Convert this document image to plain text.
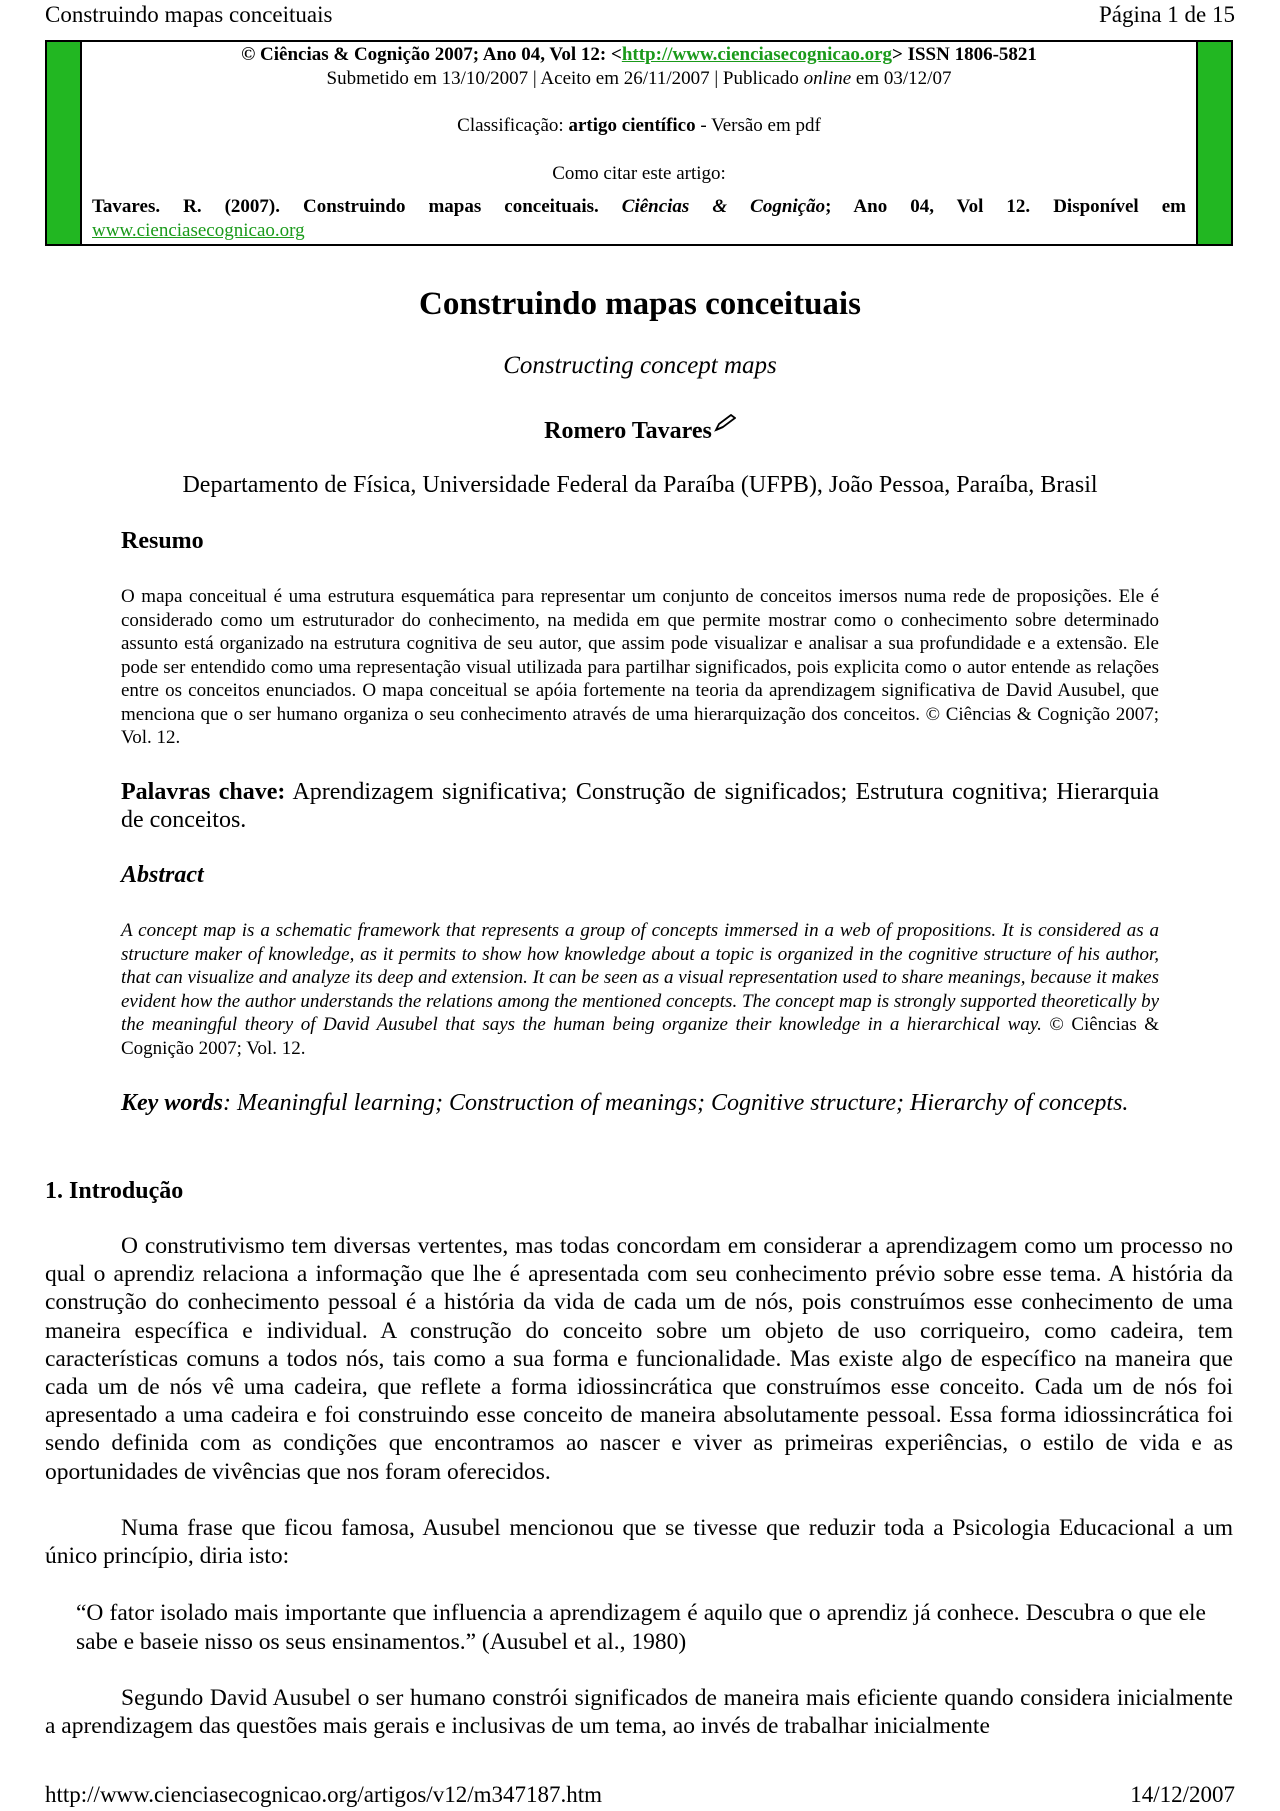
Construindo mapas conceituais	Página 1 de 15
© Ciências & Cognição 2007; Ano 04, Vol 12: <http://www.cienciasecognicao.org> ISSN 1806-5821
Submetido em 13/10/2007 | Aceito em 26/11/2007 | Publicado online em 03/12/07
Classificação: artigo científico - Versão em pdf
Como citar este artigo:
Tavares. R. (2007). Construindo mapas conceituais. Ciências & Cognição; Ano 04, Vol 12. Disponível em
www.cienciasecognicao.org
Construindo mapas conceituais
Constructing concept maps
Romero Tavares
Departamento de Física, Universidade Federal da Paraíba (UFPB), João Pessoa, Paraíba, Brasil
Resumo
O mapa conceitual é uma estrutura esquemática para representar um conjunto de conceitos imersos numa rede de proposições. Ele é considerado como um estruturador do conhecimento, na medida em que permite mostrar como o conhecimento sobre determinado assunto está organizado na estrutura cognitiva de seu autor, que assim pode visualizar e analisar a sua profundidade e a extensão. Ele pode ser entendido como uma representação visual utilizada para partilhar significados, pois explicita como o autor entende as relações entre os conceitos enunciados. O mapa conceitual se apóia fortemente na teoria da aprendizagem significativa de David Ausubel, que menciona que o ser humano organiza o seu conhecimento através de uma hierarquização dos conceitos. © Ciências & Cognição 2007; Vol. 12.
Palavras chave: Aprendizagem significativa; Construção de significados; Estrutura cognitiva; Hierarquia de conceitos.
Abstract
A concept map is a schematic framework that represents a group of concepts immersed in a web of propositions. It is considered as a structure maker of knowledge, as it permits to show how knowledge about a topic is organized in the cognitive structure of his author, that can visualize and analyze its deep and extension. It can be seen as a visual representation used to share meanings, because it makes evident how the author understands the relations among the mentioned concepts. The concept map is strongly supported theoretically by the meaningful theory of David Ausubel that says the human being organize their knowledge in a hierarchical way. © Ciências & Cognição 2007; Vol. 12.
Key words: Meaningful learning; Construction of meanings; Cognitive structure; Hierarchy of concepts.
1. Introdução
O construtivismo tem diversas vertentes, mas todas concordam em considerar a aprendizagem como um processo no qual o aprendiz relaciona a informação que lhe é apresentada com seu conhecimento prévio sobre esse tema. A história da construção do conhecimento pessoal é a história da vida de cada um de nós, pois construímos esse conhecimento de uma maneira específica e individual. A construção do conceito sobre um objeto de uso corriqueiro, como cadeira, tem características comuns a todos nós, tais como a sua forma e funcionalidade. Mas existe algo de específico na maneira que cada um de nós vê uma cadeira, que reflete a forma idiossincrática que construímos esse conceito. Cada um de nós foi apresentado a uma cadeira e foi construindo esse conceito de maneira absolutamente pessoal. Essa forma idiossincrática foi sendo definida com as condições que encontramos ao nascer e viver as primeiras experiências, o estilo de vida e as oportunidades de vivências que nos foram oferecidos.
Numa frase que ficou famosa, Ausubel mencionou que se tivesse que reduzir toda a Psicologia Educacional a um único princípio, diria isto:
“O fator isolado mais importante que influencia a aprendizagem é aquilo que o aprendiz já conhece. Descubra o que ele sabe e baseie nisso os seus ensinamentos.” (Ausubel et al., 1980)
Segundo David Ausubel o ser humano constrói significados de maneira mais eficiente quando considera inicialmente a aprendizagem das questões mais gerais e inclusivas de um tema, ao invés de trabalhar inicialmente
http://www.cienciasecognicao.org/artigos/v12/m347187.htm	14/12/2007
